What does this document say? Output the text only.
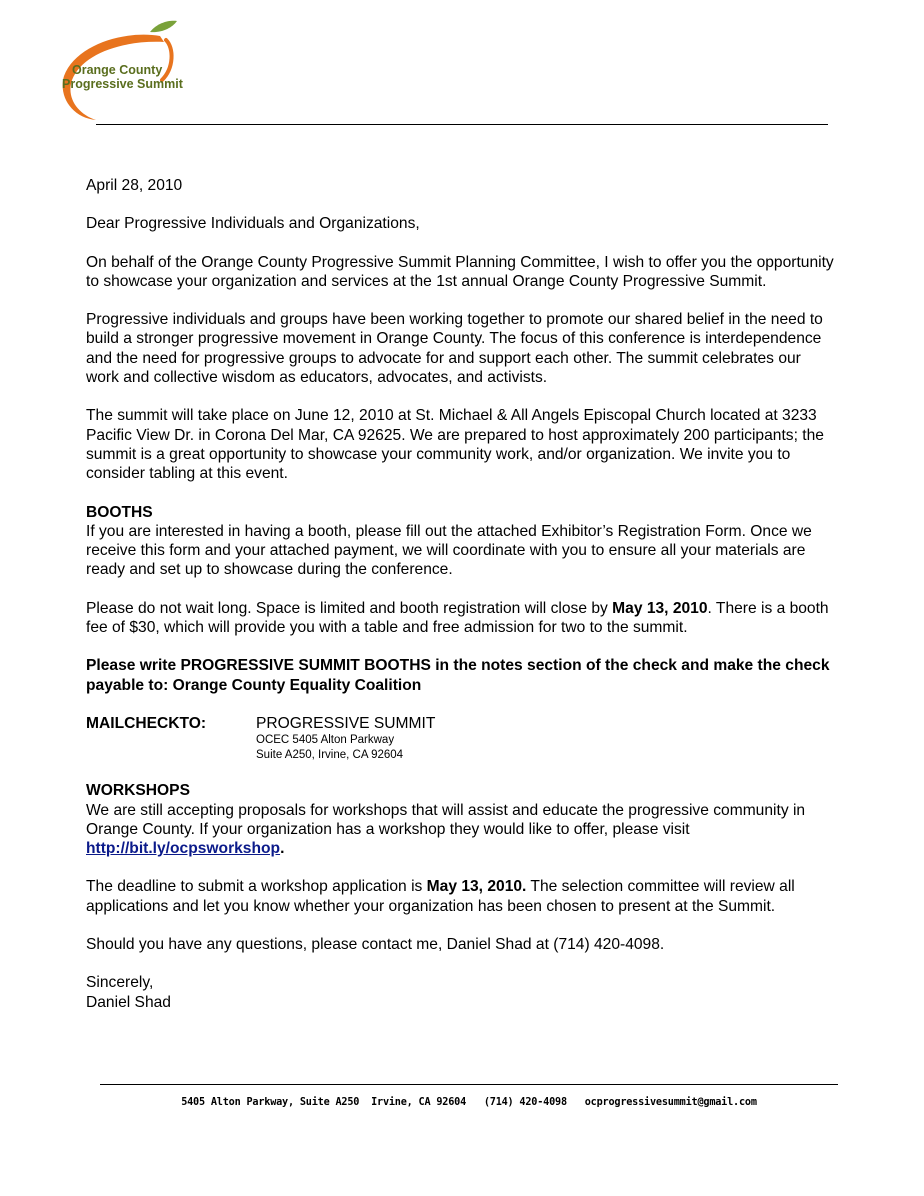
Orange County
Progressive Summit

April 28, 2010

Dear Progressive Individuals and Organizations,

On behalf of the Orange County Progressive Summit Planning Committee, I wish to offer you the opportunity to showcase your organization and services at the 1st annual Orange County Progressive Summit.

Progressive individuals and groups have been working together to promote our shared belief in the need to build a stronger progressive movement in Orange County. The focus of this conference is interdependence and the need for progressive groups to advocate for and support each other. The summit celebrates our work and collective wisdom as educators, advocates, and activists.

The summit will take place on June 12, 2010 at St. Michael & All Angels Episcopal Church located at 3233 Pacific View Dr. in Corona Del Mar, CA 92625. We are prepared to host approximately 200 participants; the summit is a great opportunity to showcase your community work, and/or organization. We invite you to consider tabling at this event.

BOOTHS

If you are interested in having a booth, please fill out the attached Exhibitor’s Registration Form. Once we receive this form and your attached payment, we will coordinate with you to ensure all your materials are ready and set up to showcase during the conference.

Please do not wait long. Space is limited and booth registration will close by May 13, 2010. There is a booth fee of $30, which will provide you with a table and free admission for two to the summit.

Please write PROGRESSIVE SUMMIT BOOTHS in the notes section of the check and make the check payable to: Orange County Equality Coalition

MAILCHECKTO:	PROGRESSIVE SUMMIT
OCEC 5405 Alton Parkway
Suite A250, Irvine, CA 92604
WORKSHOPS

We are still accepting proposals for workshops that will assist and educate the progressive community in Orange County. If your organization has a workshop they would like to offer, please visit http://bit.ly/ocpsworkshop.

The deadline to submit a workshop application is May 13, 2010. The selection committee will review all applications and let you know whether your organization has been chosen to present at the Summit.

Should you have any questions, please contact me, Daniel Shad at (714) 420-4098.

Sincerely,
Daniel Shad
5405 Alton Parkway, Suite A250 Irvine, CA 92604 (714) 420-4098 ocprogressivesummit@gmail.com
